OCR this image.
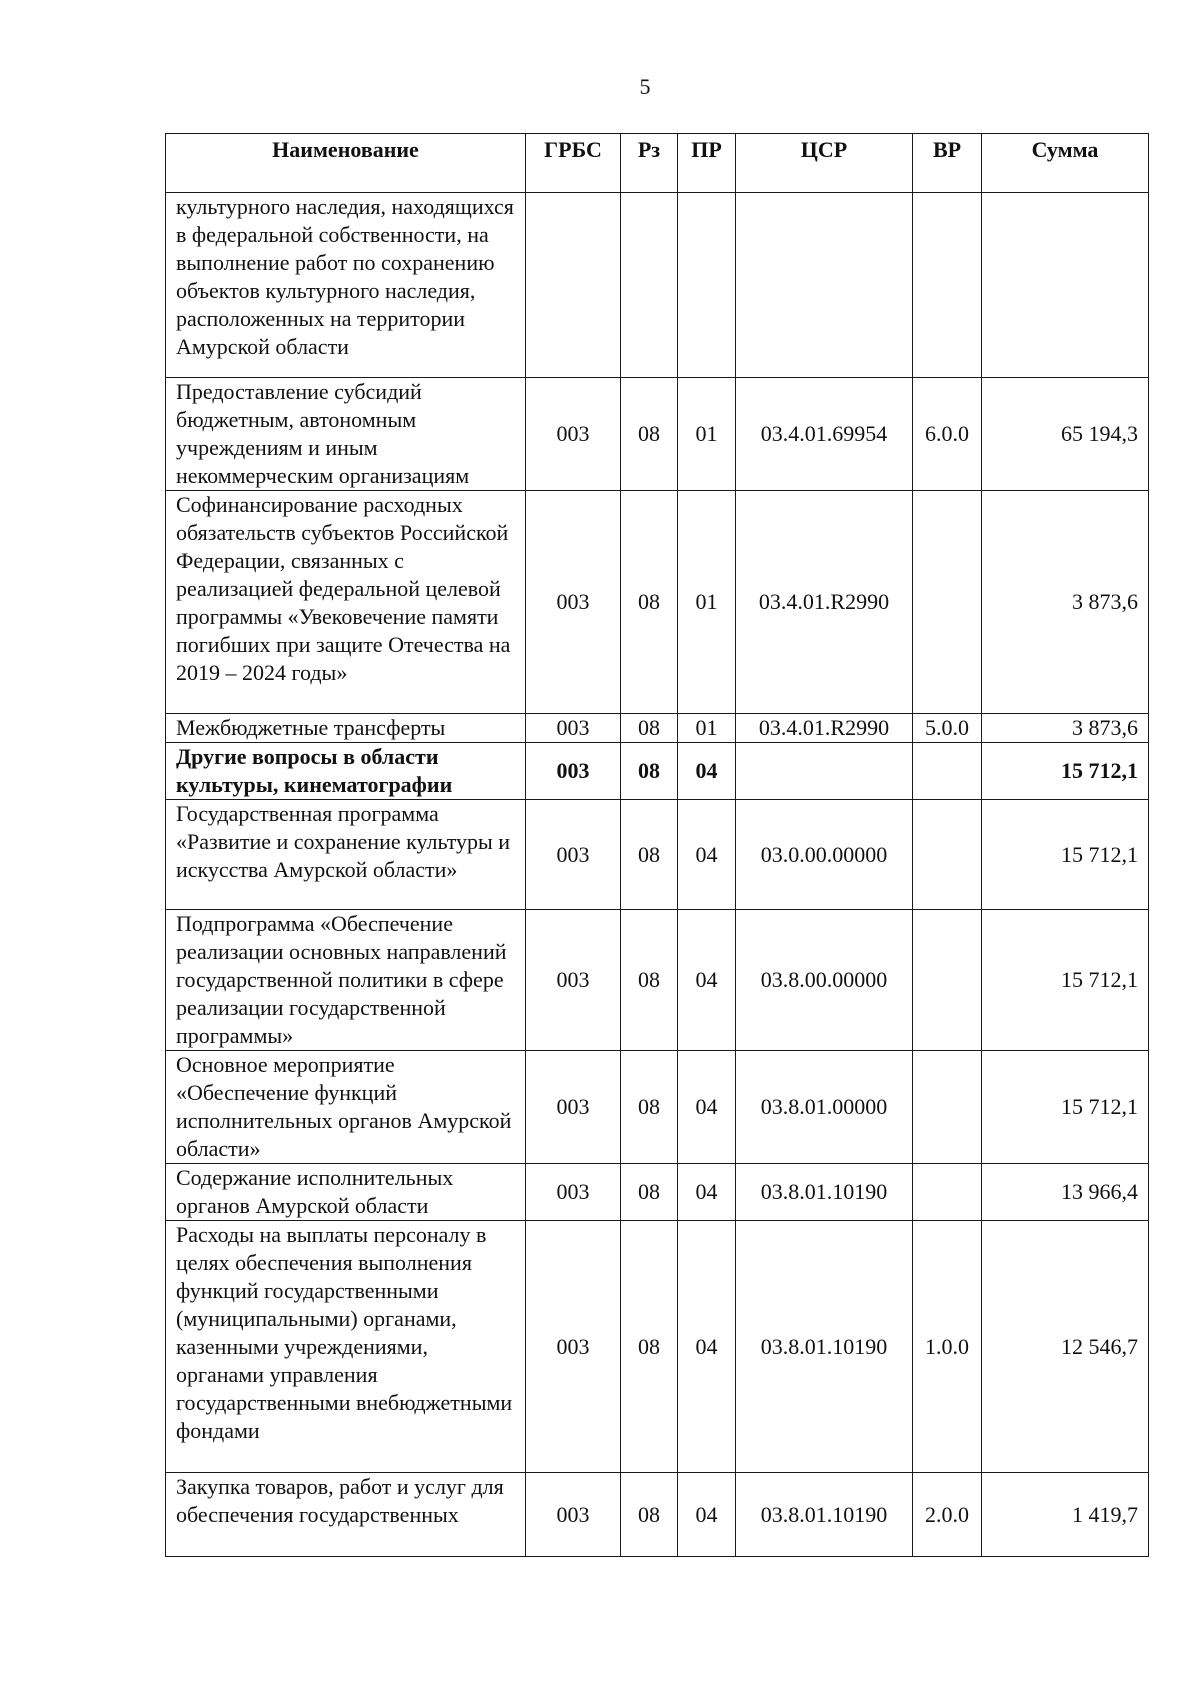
5
Наименование	ГРБС	Рз	ПР	ЦСР	ВР	Сумма
культурного наследия, находящихся в федеральной собственности, на выполнение работ по сохранению объектов культурного наследия, расположенных на территории Амурской области						
Предоставление субсидий бюджетным, автономным учреждениям и иным некоммерческим организациям	003	08	01	03.4.01.69954	6.0.0	65 194,3
Софинансирование расходных обязательств субъектов Российской Федерации, связанных с реализацией федеральной целевой программы «Увековечение памяти погибших при защите Отечества на 2019 – 2024 годы»	003	08	01	03.4.01.R2990		3 873,6
Межбюджетные трансферты	003	08	01	03.4.01.R2990	5.0.0	3 873,6
Другие вопросы в области культуры, кинематографии	003	08	04			15 712,1
Государственная программа «Развитие и сохранение культуры и искусства Амурской области»	003	08	04	03.0.00.00000		15 712,1
Подпрограмма «Обеспечение реализации основных направлений государственной политики в сфере реализации государственной программы»	003	08	04	03.8.00.00000		15 712,1
Основное мероприятие «Обеспечение функций исполнительных органов Амурской области»	003	08	04	03.8.01.00000		15 712,1
Содержание исполнительных органов Амурской области	003	08	04	03.8.01.10190		13 966,4
Расходы на выплаты персоналу в целях обеспечения выполнения функций государственными (муниципальными) органами, казенными учреждениями, органами управления государственными внебюджетными фондами	003	08	04	03.8.01.10190	1.0.0	12 546,7
Закупка товаров, работ и услуг для обеспечения государственных	003	08	04	03.8.01.10190	2.0.0	1 419,7
